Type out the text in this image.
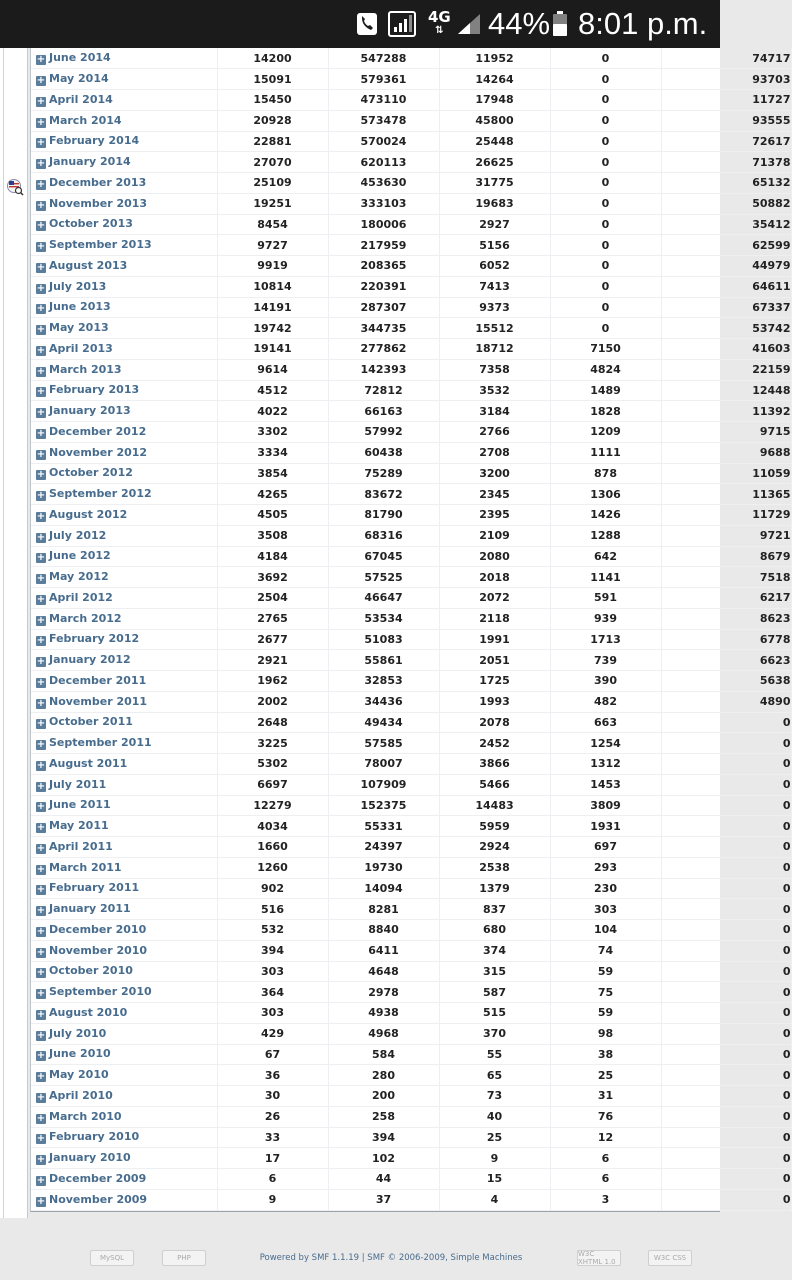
4G
⇅ 44% 8:01 p.m.
+ June 2014	14200	547288	11952	0	74717
+ May 2014	15091	579361	14264	0	93703
+ April 2014	15450	473110	17948	0	11727
+ March 2014	20928	573478	45800	0	93555
+ February 2014	22881	570024	25448	0	72617
+ January 2014	27070	620113	26625	0	71378
+ December 2013	25109	453630	31775	0	65132
+ November 2013	19251	333103	19683	0	50882
+ October 2013	8454	180006	2927	0	35412
+ September 2013	9727	217959	5156	0	62599
+ August 2013	9919	208365	6052	0	44979
+ July 2013	10814	220391	7413	0	64611
+ June 2013	14191	287307	9373	0	67337
+ May 2013	19742	344735	15512	0	53742
+ April 2013	19141	277862	18712	7150	41603
+ March 2013	9614	142393	7358	4824	22159
+ February 2013	4512	72812	3532	1489	12448
+ January 2013	4022	66163	3184	1828	11392
+ December 2012	3302	57992	2766	1209	9715
+ November 2012	3334	60438	2708	1111	9688
+ October 2012	3854	75289	3200	878	11059
+ September 2012	4265	83672	2345	1306	11365
+ August 2012	4505	81790	2395	1426	11729
+ July 2012	3508	68316	2109	1288	9721
+ June 2012	4184	67045	2080	642	8679
+ May 2012	3692	57525	2018	1141	7518
+ April 2012	2504	46647	2072	591	6217
+ March 2012	2765	53534	2118	939	8623
+ February 2012	2677	51083	1991	1713	6778
+ January 2012	2921	55861	2051	739	6623
+ December 2011	1962	32853	1725	390	5638
+ November 2011	2002	34436	1993	482	4890
+ October 2011	2648	49434	2078	663	0
+ September 2011	3225	57585	2452	1254	0
+ August 2011	5302	78007	3866	1312	0
+ July 2011	6697	107909	5466	1453	0
+ June 2011	12279	152375	14483	3809	0
+ May 2011	4034	55331	5959	1931	0
+ April 2011	1660	24397	2924	697	0
+ March 2011	1260	19730	2538	293	0
+ February 2011	902	14094	1379	230	0
+ January 2011	516	8281	837	303	0
+ December 2010	532	8840	680	104	0
+ November 2010	394	6411	374	74	0
+ October 2010	303	4648	315	59	0
+ September 2010	364	2978	587	75	0
+ August 2010	303	4938	515	59	0
+ July 2010	429	4968	370	98	0
+ June 2010	67	584	55	38	0
+ May 2010	36	280	65	25	0
+ April 2010	30	200	73	31	0
+ March 2010	26	258	40	76	0
+ February 2010	33	394	25	12	0
+ January 2010	17	102	9	6	0
+ December 2009	6	44	15	6	0
+ November 2009	9	37	4	3	0
MySQL	PHP	Powered by SMF 1.1.19 | SMF © 2006-2009, Simple Machines	W3C XHTML 1.0	W3C CSS
